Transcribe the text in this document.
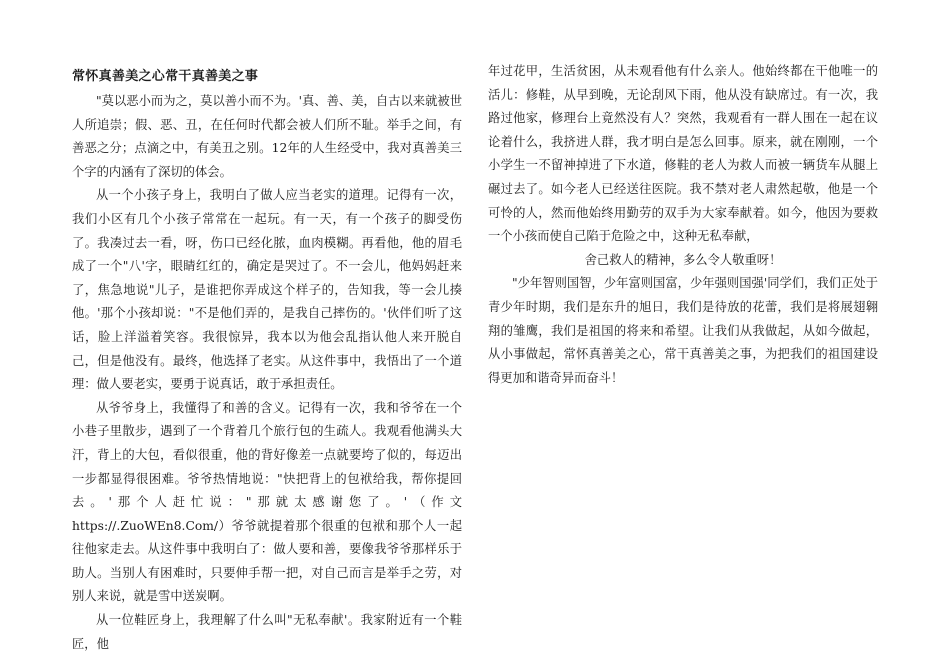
常怀真善美之心常干真善美之事

"莫以恶小而为之，莫以善小而不为。'真、善、美，自古以来就被世人所追崇；假、恶、丑，在任何时代都会被人们所不耻。举手之间，有善恶之分；点滴之中，有美丑之别。12年的人生经受中，我对真善美三个字的内涵有了深切的体会。

从一个小孩子身上，我明白了做人应当老实的道理。记得有一次，我们小区有几个小孩子常常在一起玩。有一天，有一个孩子的脚受伤了。我凑过去一看，呀，伤口已经化脓，血肉模糊。再看他，他的眉毛成了一个"八'字，眼睛红红的，确定是哭过了。不一会儿，他妈妈赶来了，焦急地说"儿子，是谁把你弄成这个样子的，告知我，等一会儿揍他。'那个小孩却说："不是他们弄的，是我自己摔伤的。'伙伴们听了这话，脸上洋溢着笑容。我很惊异，我本以为他会乱指认他人来开脱自己，但是他没有。最终，他选择了老实。从这件事中，我悟出了一个道理：做人要老实，要勇于说真话，敢于承担责任。

从爷爷身上，我懂得了和善的含义。记得有一次，我和爷爷在一个小巷子里散步，遇到了一个背着几个旅行包的生疏人。我观看他满头大汗，背上的大包，看似很重，他的背好像差一点就要垮了似的，每迈出一步都显得很困难。爷爷热情地说："快把背上的包袱给我，帮你提回去。'那个人赶忙说："那就太感谢您了。'（作文https://.ZuoWEn8.Com/）爷爷就提着那个很重的包袱和那个人一起往他家走去。从这件事中我明白了：做人要和善，要像我爷爷那样乐于助人。当别人有困难时，只要伸手帮一把，对自己而言是举手之劳，对别人来说，就是雪中送炭啊。

从一位鞋匠身上，我理解了什么叫"无私奉献'。我家附近有一个鞋匠，他

年过花甲，生活贫困，从未观看他有什么亲人。他始终都在干他唯一的活儿：修鞋，从早到晚，无论刮风下雨，他从没有缺席过。有一次，我路过他家，修理台上竟然没有人？突然，我观看有一群人围在一起在议论着什么，我挤进人群，我才明白是怎么回事。原来，就在刚刚，一个小学生一不留神掉进了下水道，修鞋的老人为救人而被一辆货车从腿上碾过去了。如今老人已经送往医院。我不禁对老人肃然起敬，他是一个可怜的人，然而他始终用勤劳的双手为大家奉献着。如今，他因为要救一个小孩而使自己陷于危险之中，这种无私奉献，

舍己救人的精神，多么令人敬重呀！

"少年智则国智，少年富则国富，少年强则国强'同学们，我们正处于青少年时期，我们是东升的旭日，我们是待放的花蕾，我们是将展翅翱翔的雏鹰，我们是祖国的将来和希望。让我们从我做起，从如今做起，从小事做起，常怀真善美之心，常干真善美之事，为把我们的祖国建设得更加和谐奇异而奋斗！
